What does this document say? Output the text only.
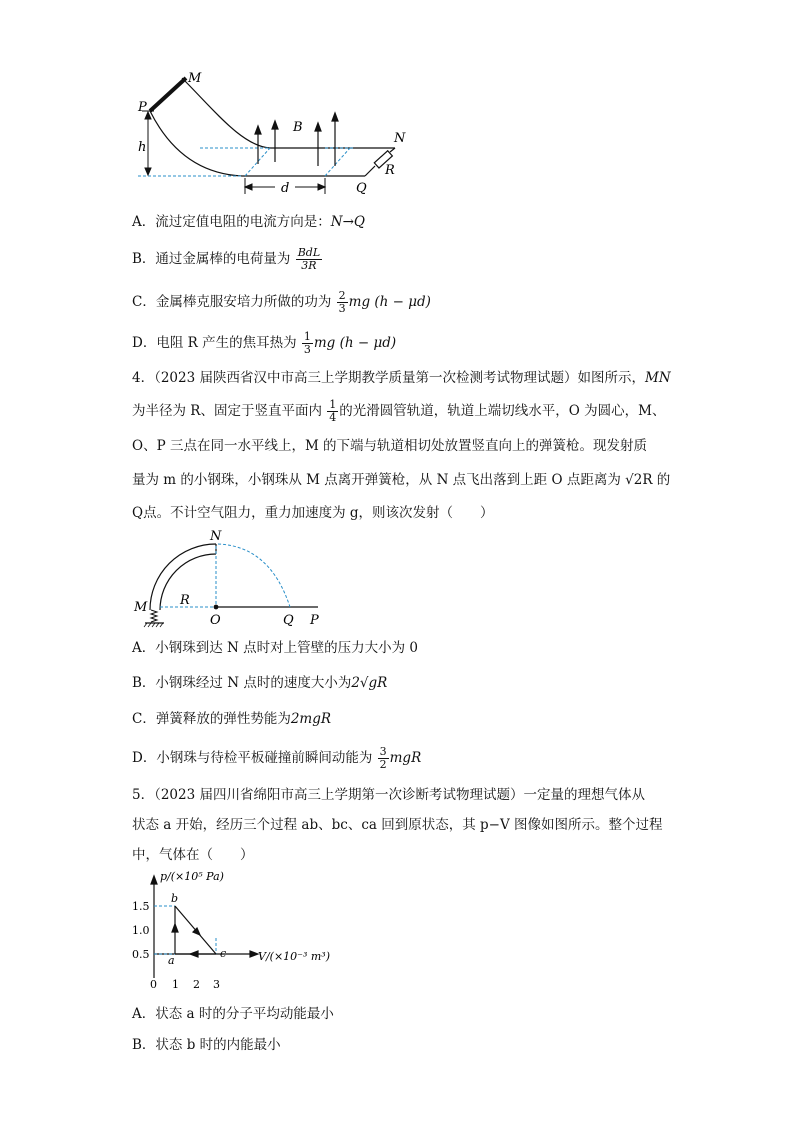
M
P
h
B
N
R
d	Q
A．流过定值电阻的电流方向是：N→Q
B．通过金属棒的电荷量为 $\frac{\text{BdL}}{3R}$
C．金属棒克服安培力所做的功为 $\frac{2}{3}$ mg (h − μd)
D．电阻 R 产生的焦耳热为 $\frac{1}{3}$ mg (h − μd)
4．（2023 届陕西省汉中市高三上学期教学质量第一次检测考试物理试题）如图所示，MN
为半径为 R、固定于竖直平面内 $\frac{1}{4}$ 的光滑圆管轨道，轨道上端切线水平，O 为圆心，M、
O、P 三点在同一水平线上，M 的下端与轨道相切处放置竖直向上的弹簧枪。现发射质
量为 m 的小钢珠，小钢珠从 M 点离开弹簧枪，从 N 点飞出落到上距 O 点距离为 √2R 的
Q点。不计空气阻力，重力加速度为 g，则该次发射（　　）
N
M	R
O	Q P
A．小钢珠到达 N 点时对上管壁的压力大小为 0
B．小钢珠经过 N 点时的速度大小为2√gR
C．弹簧释放的弹性势能为2mgR
D．小钢珠与待检平板碰撞前瞬间动能为 $\frac{3}{2}$ mgR
5．（2023 届四川省绵阳市高三上学期第一次诊断考试物理试题）一定量的理想气体从
状态 a 开始，经历三个过程 ab、bc、ca 回到原状态，其 p−V 图像如图所示。整个过程
中，气体在（　　）
p/(×10⁵ Pa)
V/(×10⁻³ m³)
1.5
1.0
0.5
0 1 2 3
a
b
c
A．状态 a 时的分子平均动能最小
B．状态 b 时的内能最小
